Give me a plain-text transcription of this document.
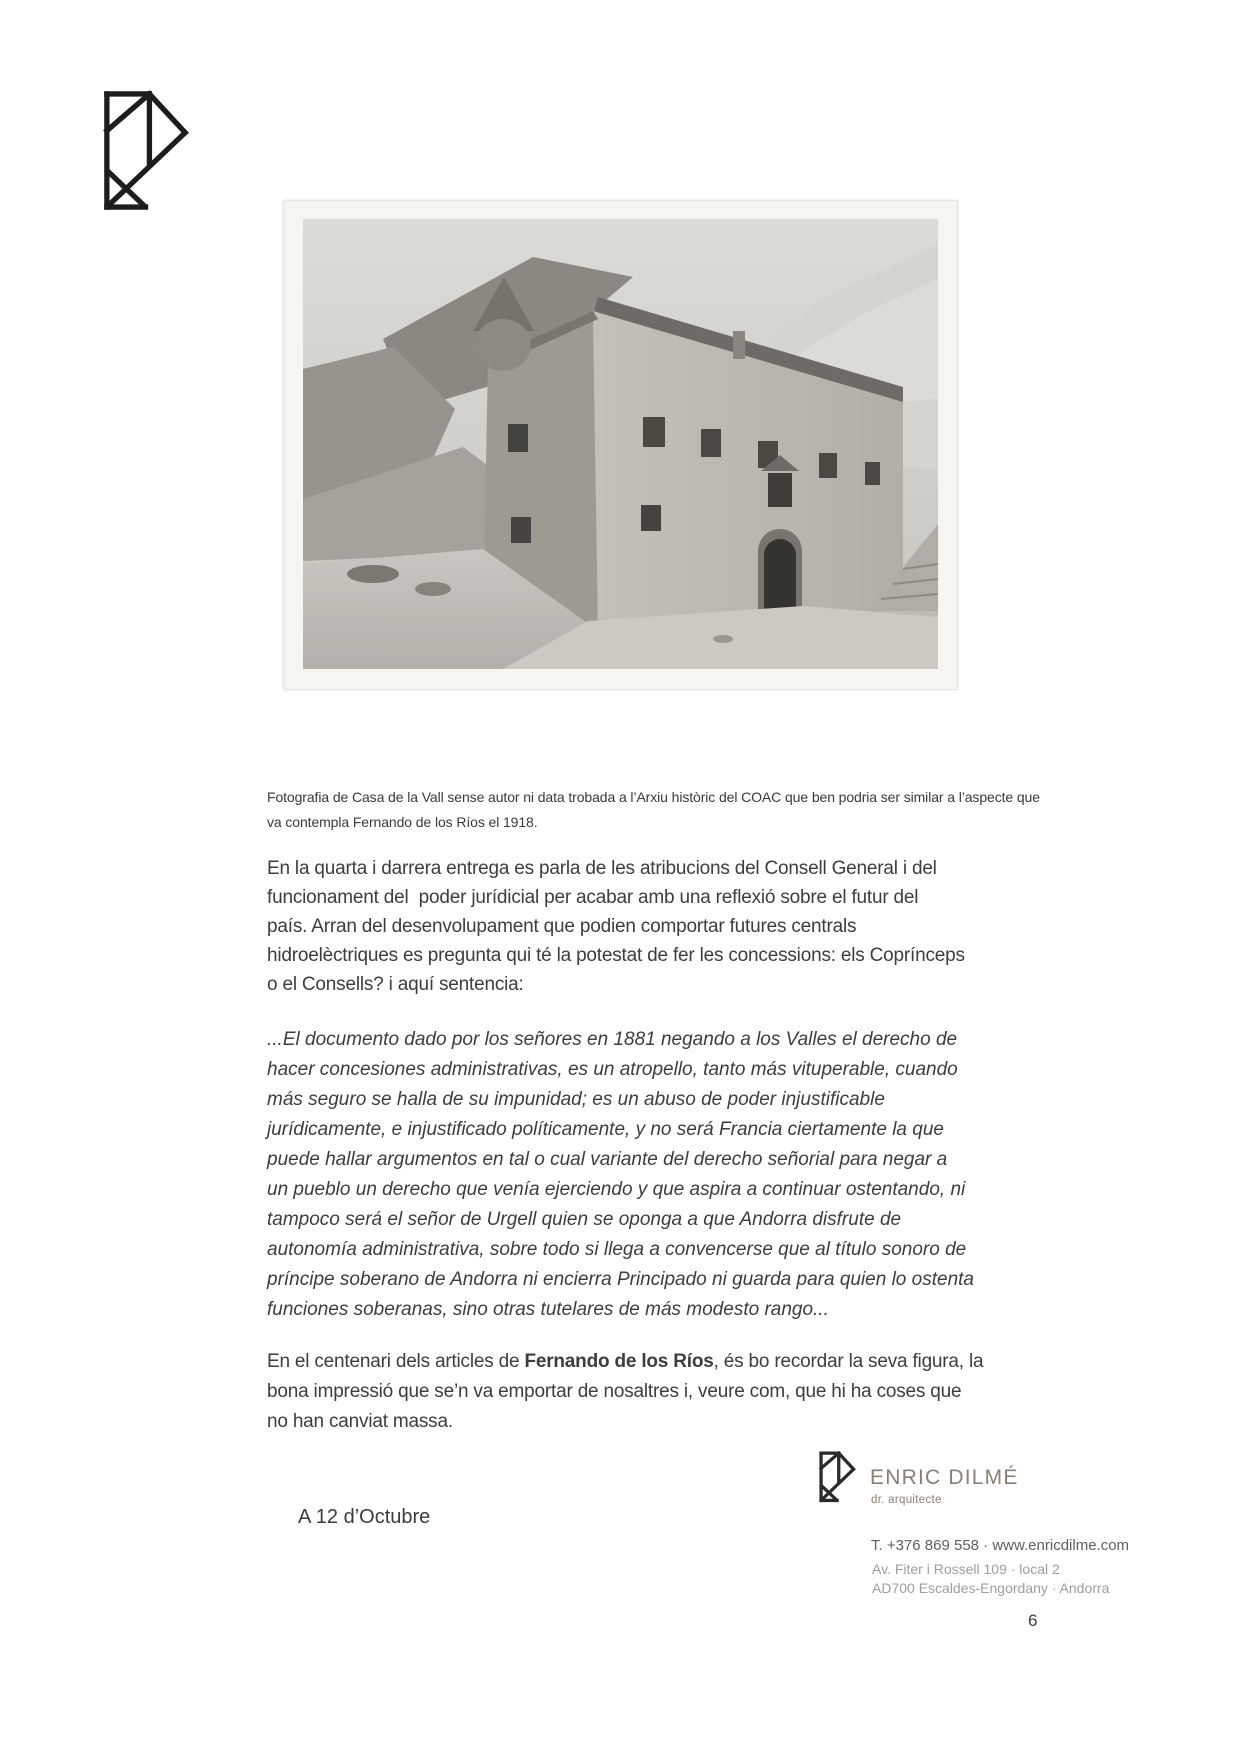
Fotografia de Casa de la Vall sense autor ni data trobada a l’Arxiu històric del COAC que ben podria ser similar a l’aspecte que
va contempla Fernando de los Ríos el 1918.
En la quarta i darrera entrega es parla de les atribucions del Consell General i del
funcionament del  poder jurídicial per acabar amb una reflexió sobre el futur del
país. Arran del desenvolupament que podien comportar futures centrals
hidroelèctriques es pregunta qui té la potestat de fer les concessions: els Coprínceps
o el Consells? i aquí sentencia:
...El documento dado por los señores en 1881 negando a los Valles el derecho de
hacer concesiones administrativas, es un atropello, tanto más vituperable, cuando
más seguro se halla de su impunidad; es un abuso de poder injustificable
jurídicamente, e injustificado políticamente, y no será Francia ciertamente la que
puede hallar argumentos en tal o cual variante del derecho señorial para negar a
un pueblo un derecho que venía ejerciendo y que aspira a continuar ostentando, ni
tampoco será el señor de Urgell quien se oponga a que Andorra disfrute de
autonomía administrativa, sobre todo si llega a convencerse que al título sonoro de
príncipe soberano de Andorra ni encierra Principado ni guarda para quien lo ostenta
funciones soberanas, sino otras tutelares de más modesto rango...
En el centenari dels articles de Fernando de los Ríos, és bo recordar la seva figura, la
bona impressió que se’n va emportar de nosaltres i, veure com, que hi ha coses que
no han canviat massa.
A 12 d’Octubre
ENRIC DILMÉ
dr. arquitecte
T. +376 869 558 · www.enricdilme.com
Av. Fiter i Rossell 109 · local 2
AD700 Escaldes-Engordany · Andorra
6
